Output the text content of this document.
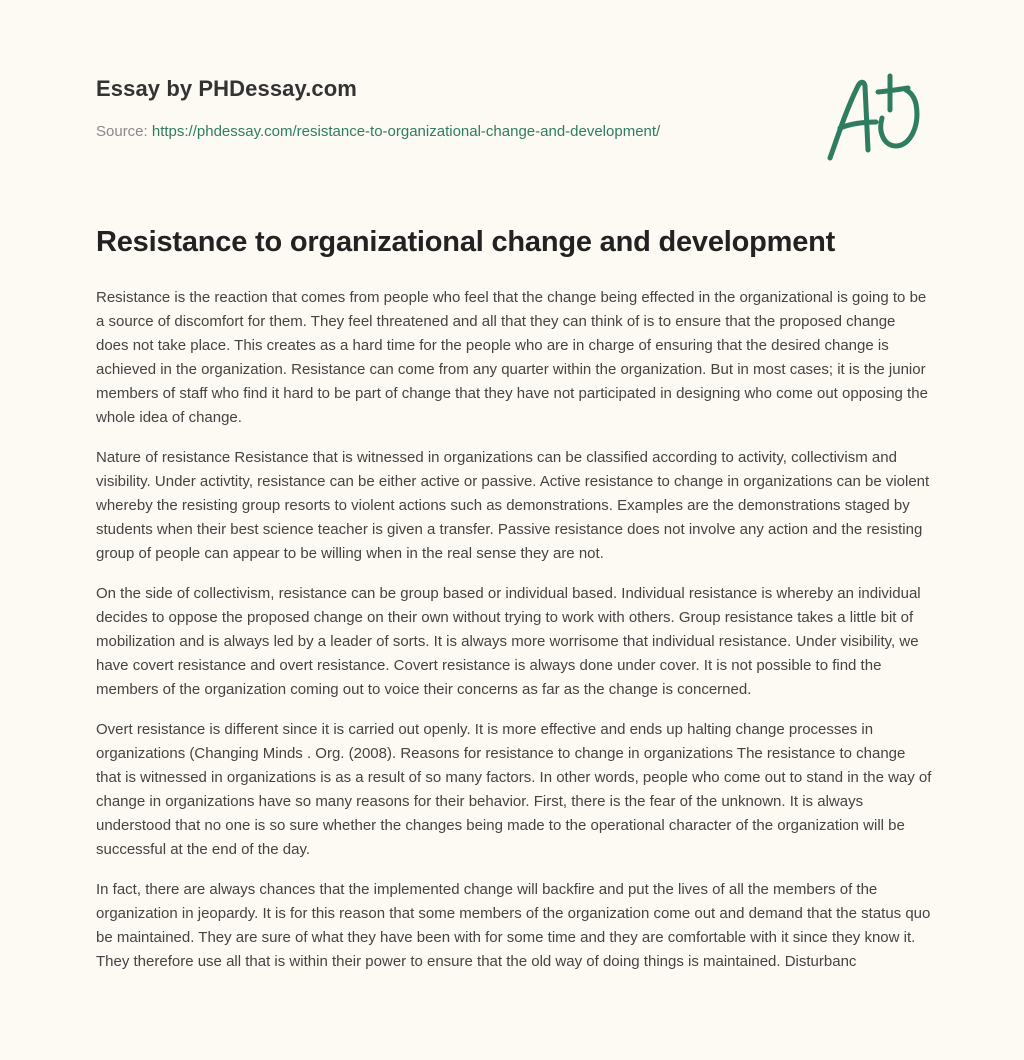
Essay by PHDessay.com
Source: https://phdessay.com/resistance-to-organizational-change-and-development/
Resistance to organizational change and development

Resistance is the reaction that comes from people who feel that the change being effected in the organizational is going to be a source of discomfort for them. They feel threatened and all that they can think of is to ensure that the proposed change does not take place. This creates as a hard time for the people who are in charge of ensuring that the desired change is achieved in the organization. Resistance can come from any quarter within the organization. But in most cases; it is the junior members of staff who find it hard to be part of change that they have not participated in designing who come out opposing the whole idea of change.

Nature of resistance Resistance that is witnessed in organizations can be classified according to activity, collectivism and visibility. Under activtity, resistance can be either active or passive. Active resistance to change in organizations can be violent whereby the resisting group resorts to violent actions such as demonstrations. Examples are the demonstrations staged by students when their best science teacher is given a transfer. Passive resistance does not involve any action and the resisting group of people can appear to be willing when in the real sense they are not.

On the side of collectivism, resistance can be group based or individual based. Individual resistance is whereby an individual decides to oppose the proposed change on their own without trying to work with others. Group resistance takes a little bit of mobilization and is always led by a leader of sorts. It is always more worrisome that individual resistance. Under visibility, we have covert resistance and overt resistance. Covert resistance is always done under cover. It is not possible to find the members of the organization coming out to voice their concerns as far as the change is concerned.

Overt resistance is different since it is carried out openly. It is more effective and ends up halting change processes in organizations (Changing Minds . Org. (2008). Reasons for resistance to change in organizations The resistance to change that is witnessed in organizations is as a result of so many factors. In other words, people who come out to stand in the way of change in organizations have so many reasons for their behavior. First, there is the fear of the unknown. It is always understood that no one is so sure whether the changes being made to the operational character of the organization will be successful at the end of the day.

In fact, there are always chances that the implemented change will backfire and put the lives of all the members of the organization in jeopardy. It is for this reason that some members of the organization come out and demand that the status quo be maintained. They are sure of what they have been with for some time and they are comfortable with it since they know it. They therefore use all that is within their power to ensure that the old way of doing things is maintained. Disturbanc
